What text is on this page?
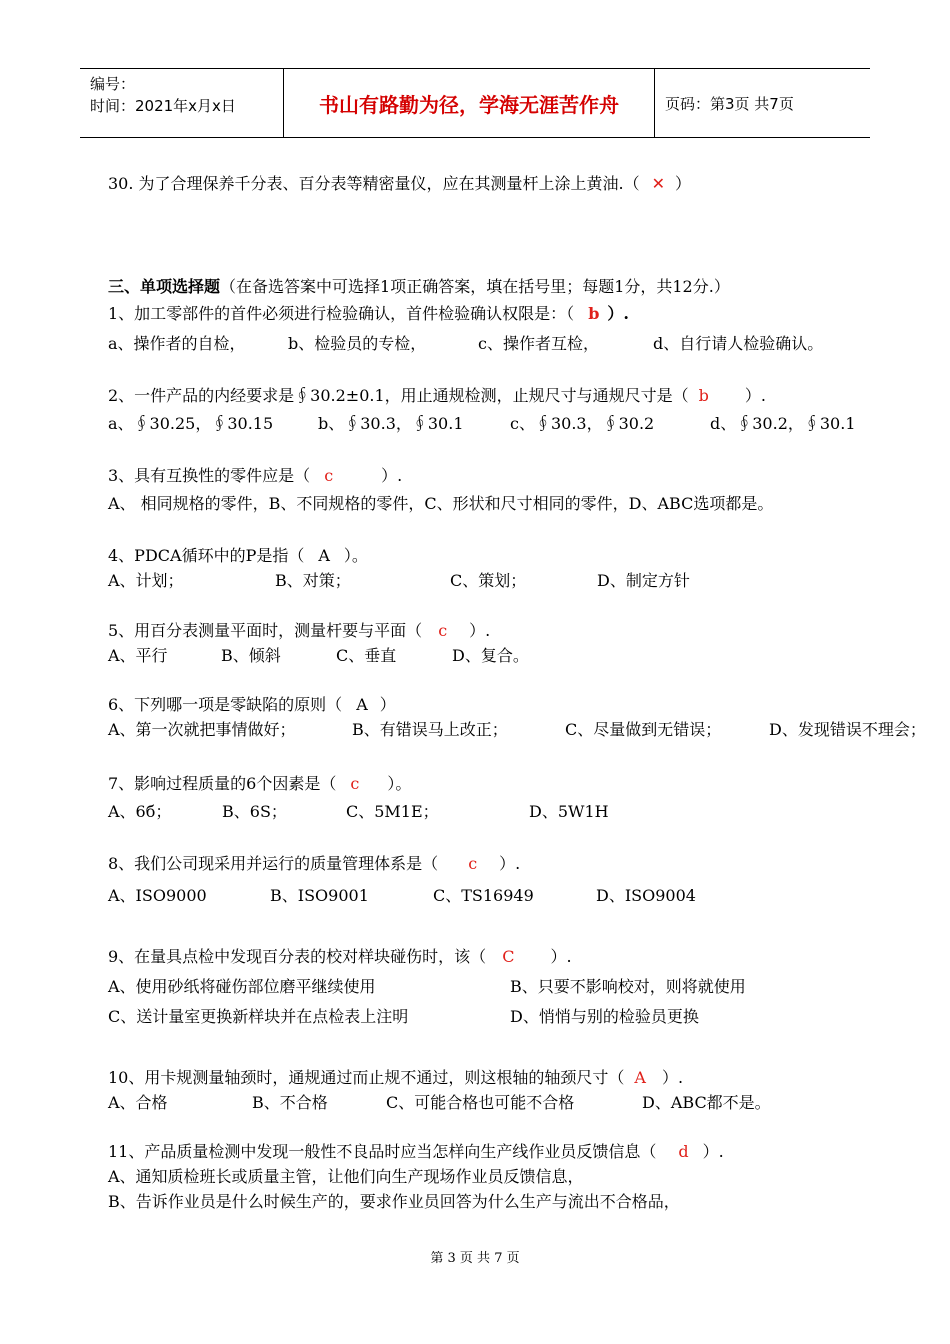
编号：
时间：2021年x月x日	书山有路勤为径，学海无涯苦作舟	页码：第3页 共7页
30. 为了合理保养千分表、百分表等精密量仪，应在其测量杆上涂上黄油.（ ✕ ）
三、单项选择题（在备选答案中可选择1项正确答案，填在括号里；每题1分，共12分.）
1、加工零部件的首件必须进行检验确认，首件检验确认权限是：（ b ）.
a、操作者的自检，	b、检验员的专检，	c、操作者互检，	d、自行请人检验确认。
2、一件产品的内经要求是∮30.2±0.1，用止通规检测，止规尺寸与通规尺寸是（ b ）.
a、∮30.25，∮30.15	b、∮30.3，∮30.1	c、∮30.3，∮30.2	d、∮30.2，∮30.1
3、具有互换性的零件应是（ c	）.
A、 相同规格的零件，B、不同规格的零件，C、形状和尺寸相同的零件，D、ABC选项都是。
4、PDCA循环中的P是指（ A ）。
A、计划；	B、对策；	C、策划；	D、制定方针
5、用百分表测量平面时，测量杆要与平面（ c ）.
A、平行	B、倾斜	C、垂直	D、复合。
6、下列哪一项是零缺陷的原则（ A ）
A、第一次就把事情做好；	B、有错误马上改正；	C、尽量做到无错误；	D、发现错误不理会；
7、影响过程质量的6个因素是（ c ）。
A、6б；	B、6S；	C、5M1E；	D、5W1H
8、我们公司现采用并运行的质量管理体系是（ c ）.
A、ISO9000	B、ISO9001	C、TS16949	D、ISO9004
9、在量具点检中发现百分表的校对样块碰伤时，该（ C ）.
A、使用砂纸将碰伤部位磨平继续使用	B、只要不影响校对，则将就使用
C、送计量室更换新样块并在点检表上注明	D、悄悄与别的检验员更换
10、用卡规测量轴颈时，通规通过而止规不通过，则这根轴的轴颈尺寸（ A ）.
A、合格	B、不合格	C、可能合格也可能不合格	D、ABC都不是。
11、产品质量检测中发现一般性不良品时应当怎样向生产线作业员反馈信息（ d ）.
A、通知质检班长或质量主管，让他们向生产现场作业员反馈信息，
B、告诉作业员是什么时候生产的，要求作业员回答为什么生产与流出不合格品，
第 3 页 共 7 页
